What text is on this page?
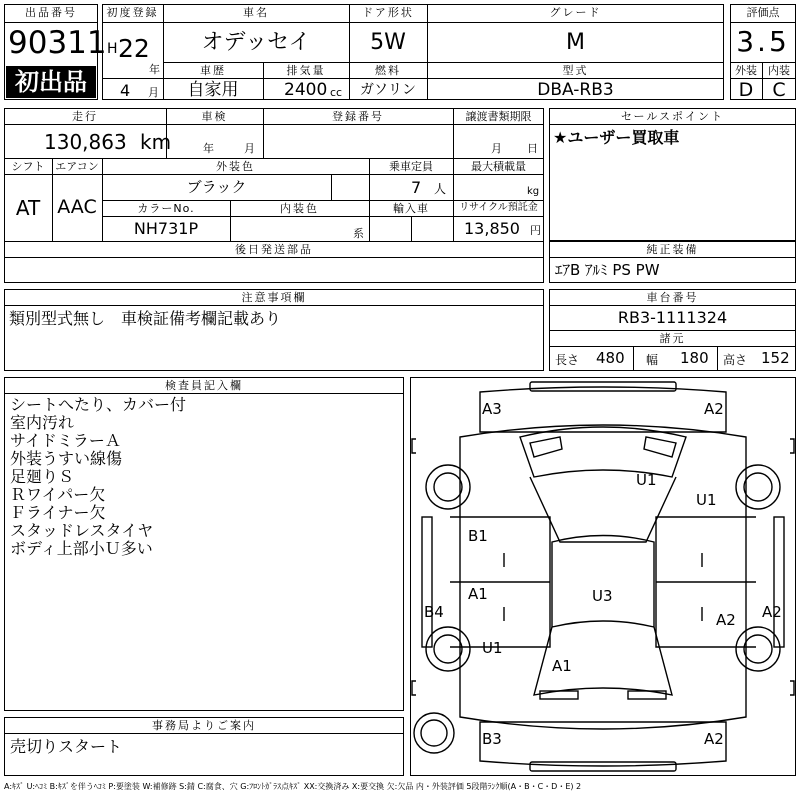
出品番号
90311
初出品
初度登録
H 22
年
4 月
車名
オデッセイ
ドア形状
5W
グレード
M
車歴
自家用
排気量
2400 cc
燃料
ガソリン
型式
DBA-RB3
評価点
3.5
外装	内装
D	C
走行
130,863 km
車検
年	月
登録番号	譲渡書類期限
月 日
シフト
AT
エアコン
AAC
外装色
ブラック
乗車定員
7 人
最大積載量
kg
カラーNo.
NH731P
内装色
系
輸入車	リサイクル預託金
13,850 円
後日発送部品
セールスポイント
★ユーザー買取車
純正装備
ｴｱB ｱﾙﾐ PS PW
注意事項欄
類別型式無し　車検証備考欄記載あり
車台番号
RB3-1111324
諸元
長さ 480 幅 180 高さ 152
検査員記入欄
シートへたり、カバー付
室内汚れ
サイドミラーＡ
外装うすい線傷
足廻りＳ
Ｒワイパー欠
Ｆライナー欠
スタッドレスタイヤ
ボディ上部小Ｕ多い
事務局よりご案内
売切りスタート
A3	A2
U1
U1
B1
A1	U3
B4	A2 A2
U1
A1
B3	A2
A:ｷｽﾞ U:ﾍｺﾐ B:ｷｽﾞを伴うﾍｺﾐ P:要塗装 W:補修跡 S:錆 C:腐食、穴 G:ﾌﾛﾝﾄｶﾞﾗｽ点ｷｽﾞ XX:交換済み X:要交換 欠:欠品 内・外装評価 5段階ﾗﾝｸ順(A・B・C・D・E) 2
